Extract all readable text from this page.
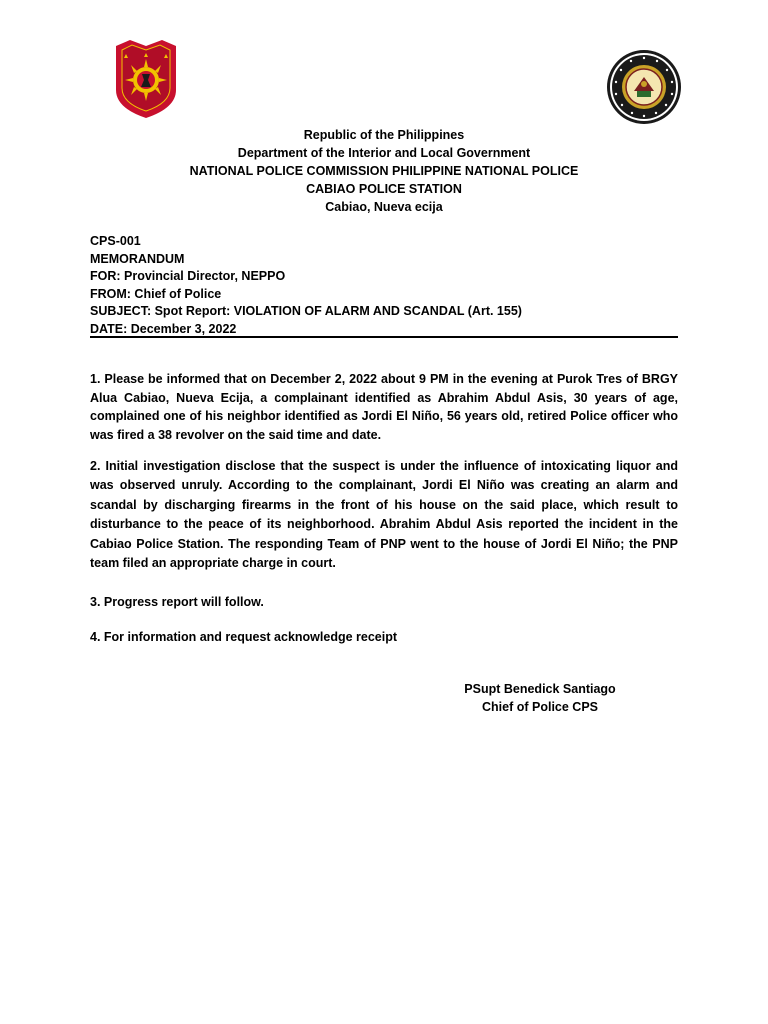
Republic of the Philippines
Department of the Interior and Local Government
NATIONAL POLICE COMMISSION PHILIPPINE NATIONAL POLICE
CABIAO POLICE STATION
Cabiao, Nueva ecija
CPS-001
MEMORANDUM
FOR: Provincial Director, NEPPO
FROM: Chief of Police
SUBJECT: Spot Report: VIOLATION OF ALARM AND SCANDAL (Art. 155)
DATE: December 3, 2022
1. Please be informed that on December 2, 2022 about 9 PM in the evening at Purok Tres of BRGY Alua Cabiao, Nueva Ecija, a complainant identified as Abrahim Abdul Asis, 30 years of age, complained one of his neighbor identified as Jordi El Niño, 56 years old, retired Police officer who was fired a 38 revolver on the said time and date.
2. Initial investigation disclose that the suspect is under the influence of intoxicating liquor and was observed unruly. According to the complainant, Jordi El Niño was creating an alarm and scandal by discharging firearms in the front of his house on the said place, which result to disturbance to the peace of its neighborhood. Abrahim Abdul Asis reported the incident in the Cabiao Police Station. The responding Team of PNP went to the house of Jordi El Niño; the PNP team filed an appropriate charge in court.
3. Progress report will follow.
4. For information and request acknowledge receipt
PSupt Benedick Santiago
Chief of Police CPS
